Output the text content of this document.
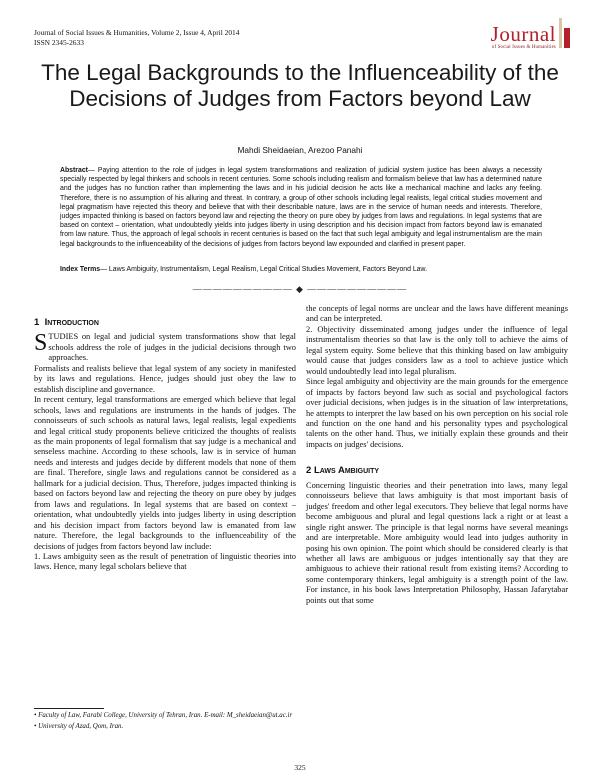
Journal of Social Issues & Humanities, Volume 2, Issue 4, April 2014
ISSN 2345-2633	Journal
of Social Issues & Humanities
The Legal Backgrounds to the Influenceability of the Decisions of Judges from Factors beyond Law
Mahdi Sheidaeian, Arezoo Panahi
Abstract— Paying attention to the role of judges in legal system transformations and realization of judicial system justice has been always a necessity specially respected by legal thinkers and schools in recent centuries. Some schools including realism and formalism believe that law has a determined nature and the judges has no function rather than implementing the laws and in his judicial decision he acts like a mechanical machine and lacks any feeling. Therefore, there is no assumption of his alluring and threat. In contrary, a group of other schools including legal realists, legal critical studies movement and legal pragmatism have rejected this theory and believe that with their describable nature, laws are in the service of human needs and interests. Therefore, judges impacted thinking is based on factors beyond law and rejecting the theory on pure obey by judges from laws and regulations. In legal systems that are based on context – orientation, what undoubtedly yields into judges liberty in using description and his decision impact from factors beyond law is emanated from law nature. Thus, the approach of legal schools in recent centuries is based on the fact that such legal ambiguity and legal instrumentalism are the main legal backgrounds to the influenceability of the decisions of judges from factors beyond law expounded and clarified in present paper.
Index Terms— Laws Ambiguity, Instrumentalism, Legal Realism, Legal Critical Studies Movement, Factors Beyond Law.
—————————— ◆ ——————————
1 Introduction

STUDIES on legal and judicial system transformations show that legal schools address the role of judges in the judicial decisions through two approaches.

Formalists and realists believe that legal system of any society in manifested by its laws and regulations. Hence, judges should just obey the law to establish discipline and governance.

In recent century, legal transformations are emerged which believe that legal schools, laws and regulations are instruments in the hands of judges. The connoisseurs of such schools as natural laws, legal realists, legal expedients and legal critical study proponents believe criticized the thoughts of realists as the main proponents of legal formalism that say judge is a mechanical and senseless machine. According to these schools, law is in service of human needs and interests and judges decide by different models that none of them are final. Therefore, single laws and regulations cannot be considered as a hallmark for a judicial decision. Thus, Therefore, judges impacted thinking is based on factors beyond law and rejecting the theory on pure obey by judges from laws and regulations. In legal systems that are based on context – orientation, what undoubtedly yields into judges liberty in using description and his decision impact from factors beyond law is emanated from law nature. Therefore, the legal backgrounds to the influenceability of the decisions of judges from factors beyond law include:

1. Laws ambiguity seen as the result of penetration of linguistic theories into laws. Hence, many legal scholars believe that

the concepts of legal norms are unclear and the laws have different meanings and can be interpreted.

2. Objectivity disseminated among judges under the influence of legal instrumentalism theories so that law is the only toll to achieve the aims of legal system equity. Some believe that this thinking based on law ambiguity would cause that judges considers law as a tool to achieve justice which would undoubtedly lead into legal pluralism.

Since legal ambiguity and objectivity are the main grounds for the emergence of impacts by factors beyond law such as social and psychological factors over judicial decisions, when judges is in the situation of law interpretations, he attempts to interpret the law based on his own perception on his social role and function on the one hand and his personality types and psychological talents on the other hand. Thus, we initially explain these grounds and their impacts on judges' decisions.

2 Laws Ambiguity

Concerning linguistic theories and their penetration into laws, many legal connoisseurs believe that laws ambiguity is that most important basis of judges' freedom and other legal executors. They believe that legal norms have become ambiguous and plural and legal questions lack a right or at least a single right answer. The principle is that legal norms have several meanings and are interpretable. More ambiguity would lead into judges authority in posing his own opinion. The point which should be considered clearly is that whether all laws are ambiguous or judges intentionally say that they are ambiguous to achieve their rational result from existing items? According to some contemporary thinkers, legal ambiguity is a strength point of the law. For instance, in his book laws Interpretation Philosophy, Hassan Jafarytabar points out that some

• Faculty of Law, Farabi College, University of Tehran, Iran. E-mail: M_sheidaeian@ut.ac.ir

• University of Azad, Qom, Iran.

325
